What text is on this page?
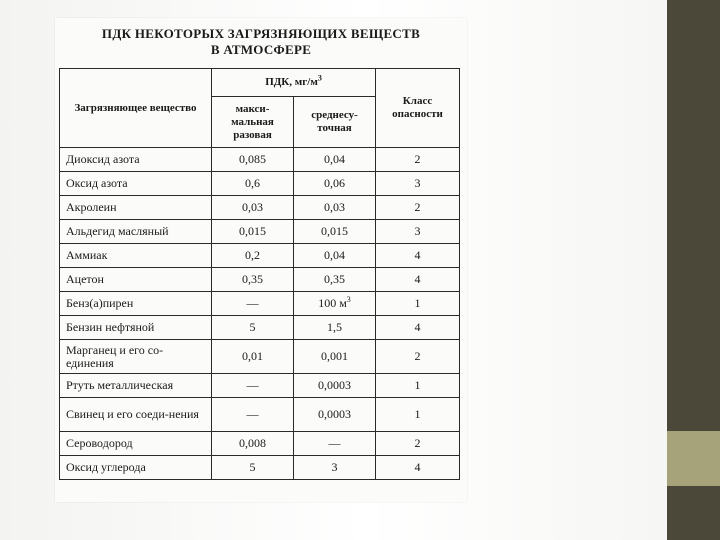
ПДК НЕКОТОРЫХ ЗАГРЯЗНЯЮЩИХ ВЕЩЕСТВ
В АТМОСФЕРЕ
Загрязняющее вещество	ПДК, $мг/м^3$		Класс опасности
	макси-мальная разовая	среднесу-точная	
Диоксид азота	0,085	0,04	2
Оксид азота	0,6	0,06	3
Акролеин	0,03	0,03	2
Альдегид масляный	0,015	0,015	3
Аммиак	0,2	0,04	4
Ацетон	0,35	0,35	4
Бенз(а)пирен	—	100 $м^3$	1
Бензин нефтяной	5	1,5	4
Марганец и его со-единения	0,01	0,001	2
Ртуть металлическая	—	0,0003	1
Свинец и его соеди-нения	—	0,0003	1
Сероводород	0,008	—	2
Оксид углерода	5	3	4
